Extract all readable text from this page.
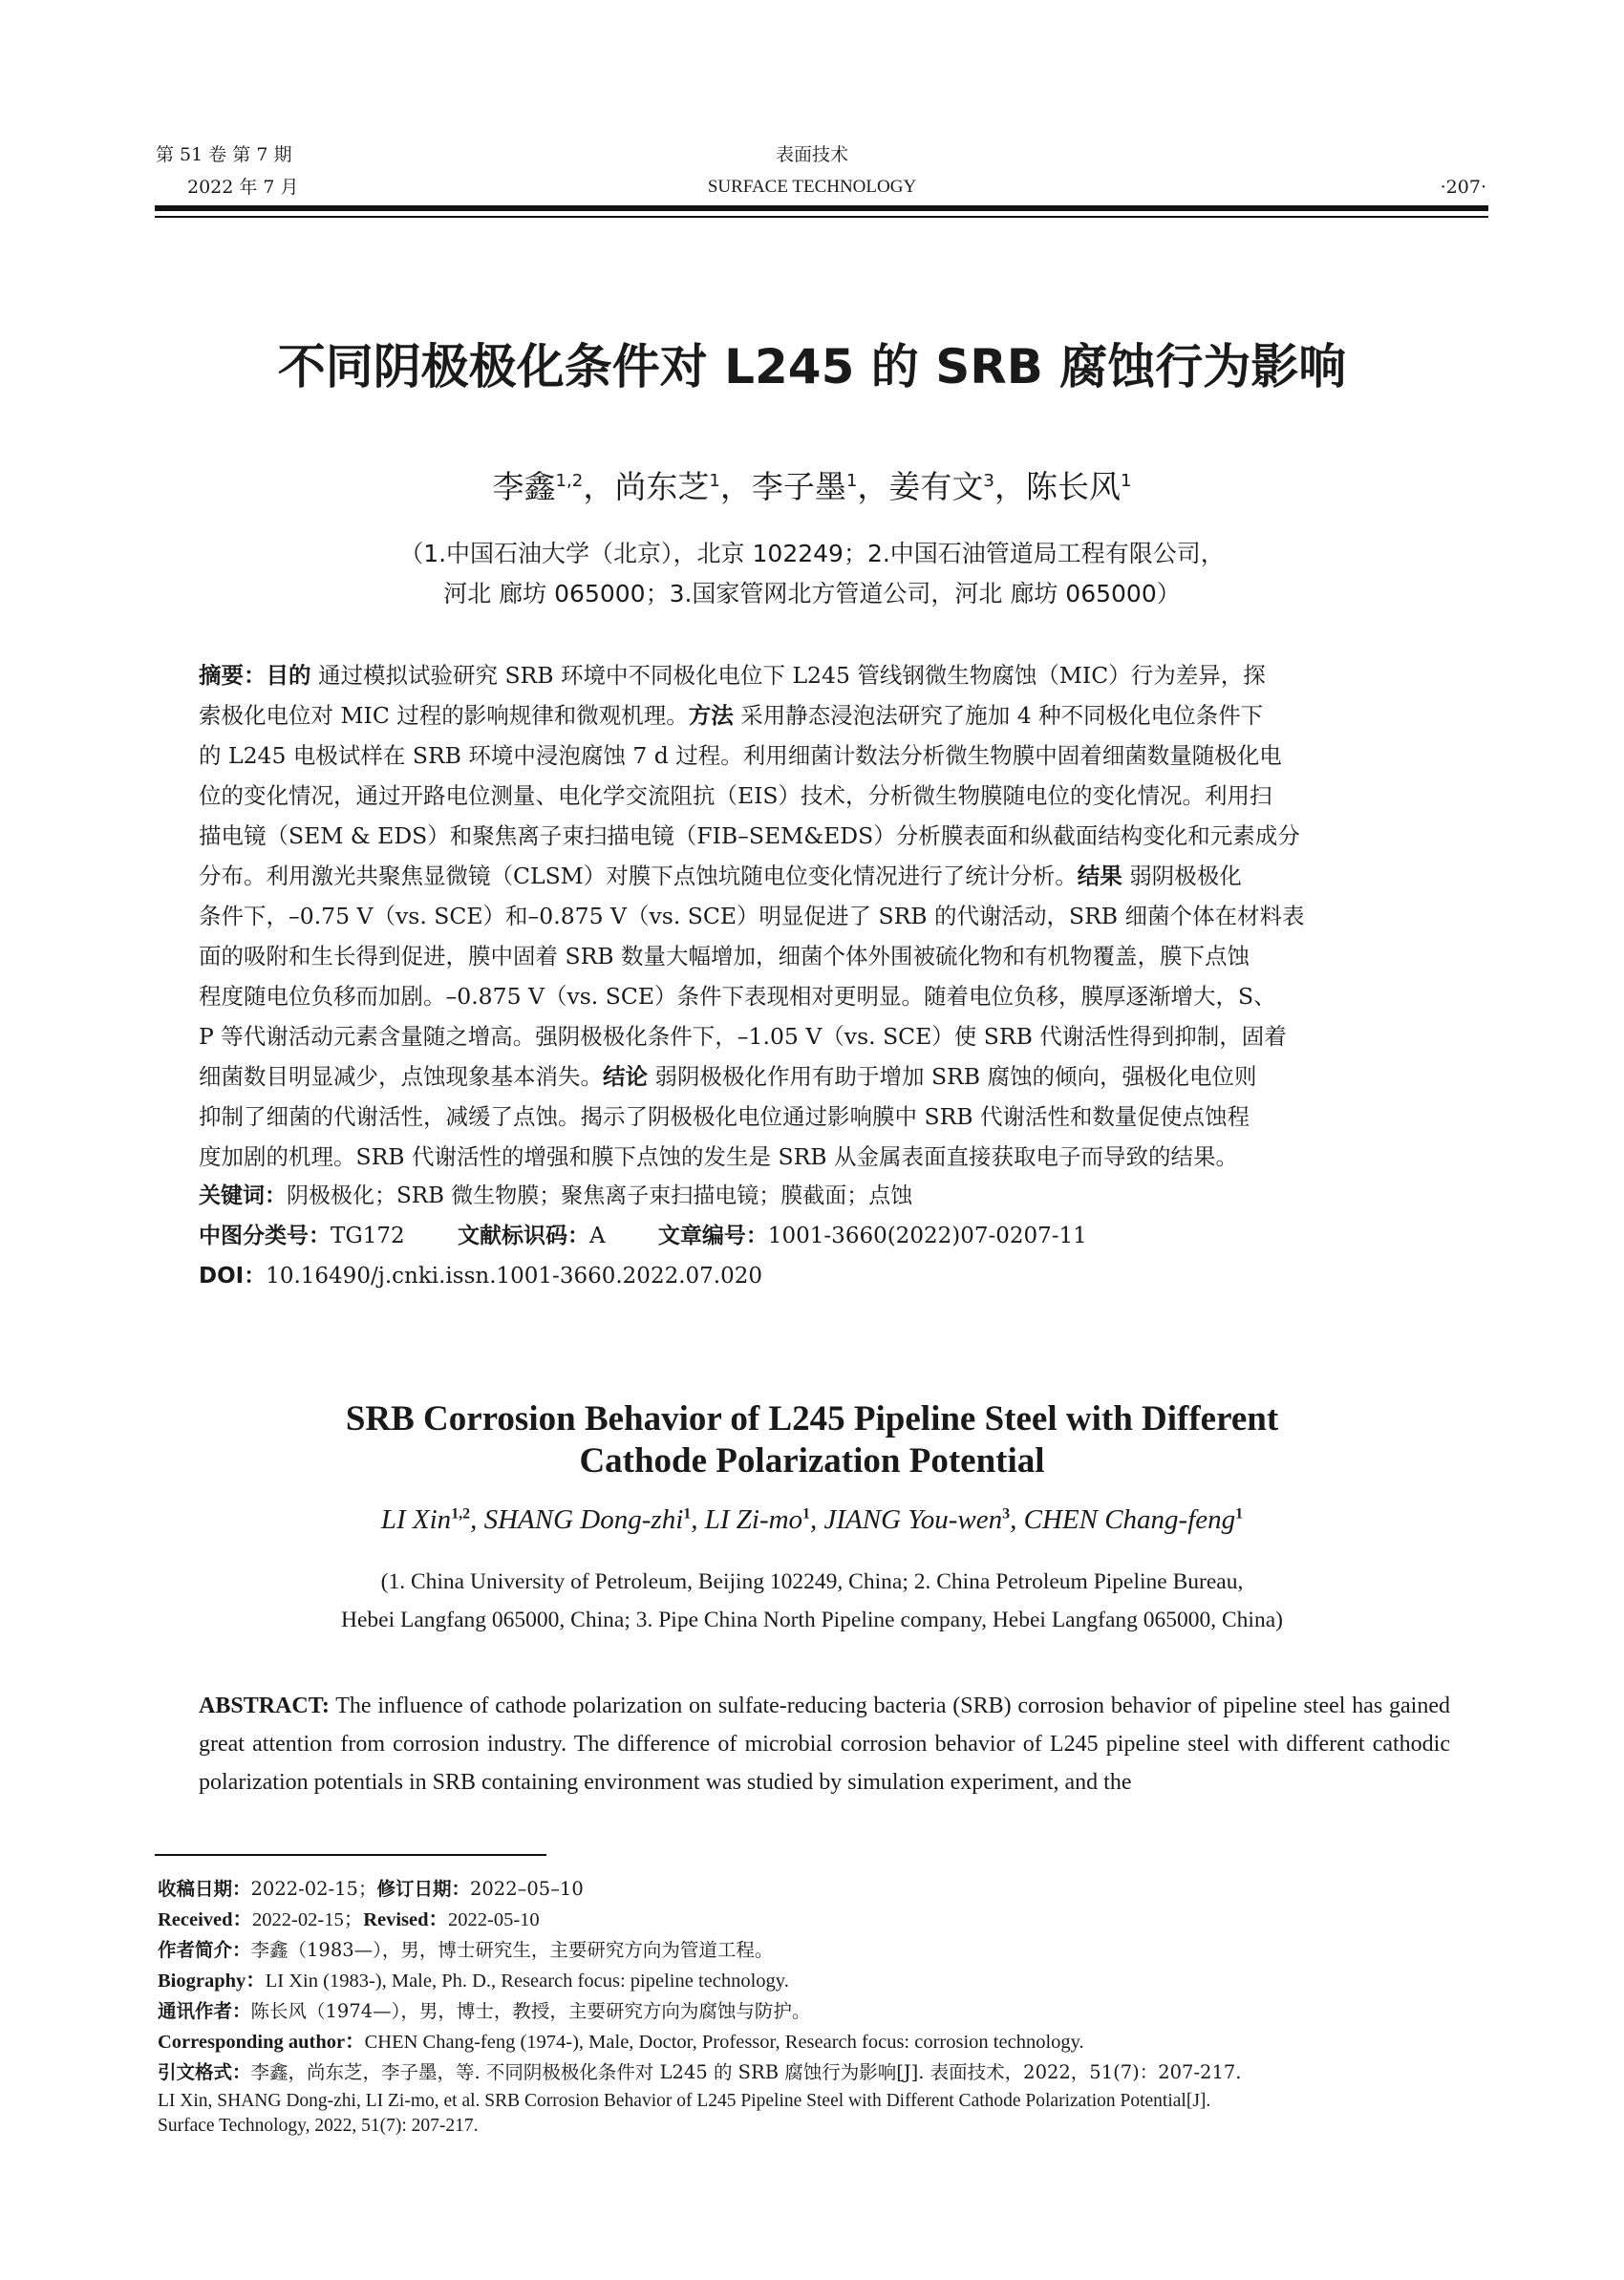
第 51 卷 第 7 期
2022 年 7 月
表面技术
SURFACE TECHNOLOGY	·207·
不同阴极极化条件对 L245 的 SRB 腐蚀行为影响
李鑫$^{1,2}$，尚东芝$^1$，李子墨$^1$，姜有文$^3$，陈长风$^1$
（1.中国石油大学（北京），北京 102249；2.中国石油管道局工程有限公司，
河北 廊坊 065000；3.国家管网北方管道公司，河北 廊坊 065000）
摘要：目的 通过模拟试验研究 SRB 环境中不同极化电位下 L245 管线钢微生物腐蚀（MIC）行为差异，探
索极化电位对 MIC 过程的影响规律和微观机理。方法 采用静态浸泡法研究了施加 4 种不同极化电位条件下
的 L245 电极试样在 SRB 环境中浸泡腐蚀 7 d 过程。利用细菌计数法分析微生物膜中固着细菌数量随极化电
位的变化情况，通过开路电位测量、电化学交流阻抗（EIS）技术，分析微生物膜随电位的变化情况。利用扫
描电镜（SEM & EDS）和聚焦离子束扫描电镜（FIB–SEM&EDS）分析膜表面和纵截面结构变化和元素成分
分布。利用激光共聚焦显微镜（CLSM）对膜下点蚀坑随电位变化情况进行了统计分析。结果 弱阴极极化
条件下，–0.75 V（vs. SCE）和–0.875 V（vs. SCE）明显促进了 SRB 的代谢活动，SRB 细菌个体在材料表
面的吸附和生长得到促进，膜中固着 SRB 数量大幅增加，细菌个体外围被硫化物和有机物覆盖，膜下点蚀
程度随电位负移而加剧。–0.875 V（vs. SCE）条件下表现相对更明显。随着电位负移，膜厚逐渐增大，S、
P 等代谢活动元素含量随之增高。强阴极极化条件下，–1.05 V（vs. SCE）使 SRB 代谢活性得到抑制，固着
细菌数目明显减少，点蚀现象基本消失。结论 弱阴极极化作用有助于增加 SRB 腐蚀的倾向，强极化电位则
抑制了细菌的代谢活性，减缓了点蚀。揭示了阴极极化电位通过影响膜中 SRB 代谢活性和数量促使点蚀程
度加剧的机理。SRB 代谢活性的增强和膜下点蚀的发生是 SRB 从金属表面直接获取电子而导致的结果。
关键词：阴极极化；SRB 微生物膜；聚焦离子束扫描电镜；膜截面；点蚀
中图分类号：TG172 文献标识码：A 文章编号：1001-3660(2022)07-0207-11
DOI：10.16490/j.cnki.issn.1001-3660.2022.07.020
SRB Corrosion Behavior of L245 Pipeline Steel with Different
Cathode Polarization Potential
LI Xin$^{1,2}$, SHANG Dong-zhi$^1$, LI $Zi-mo^1$, JIANG You-wen$^3$, CHEN Chang-feng$^1$
(1. China University of Petroleum, Beijing 102249, China; 2. China Petroleum Pipeline Bureau,
Hebei Langfang 065000, China; 3. Pipe China North Pipeline company, Hebei Langfang 065000, China)
ABSTRACT: The influence of cathode polarization on sulfate-reducing bacteria (SRB) corrosion behavior of pipeline steel has gained great attention from corrosion industry. The difference of microbial corrosion behavior of L245 pipeline steel with different cathodic polarization potentials in SRB containing environment was studied by simulation experiment, and the
收稿日期：2022-02-15；修订日期：2022–05–10
Received：2022-02-15；Revised：2022-05-10
作者简介：李鑫（1983—），男，博士研究生，主要研究方向为管道工程。
Biography：LI Xin (1983-), Male, Ph. D., Research focus: pipeline technology.
通讯作者：陈长风（1974—），男，博士，教授，主要研究方向为腐蚀与防护。
Corresponding author：CHEN Chang-feng (1974-), Male, Doctor, Professor, Research focus: corrosion technology.
引文格式：李鑫，尚东芝，李子墨，等. 不同阴极极化条件对 L245 的 SRB 腐蚀行为影响[J]. 表面技术，2022，51(7)：207-217.
LI Xin, SHANG Dong-zhi, LI Zi-mo, et al. SRB Corrosion Behavior of L245 Pipeline Steel with Different Cathode Polarization Potential[J].
Surface Technology, 2022, 51(7): 207-217.
